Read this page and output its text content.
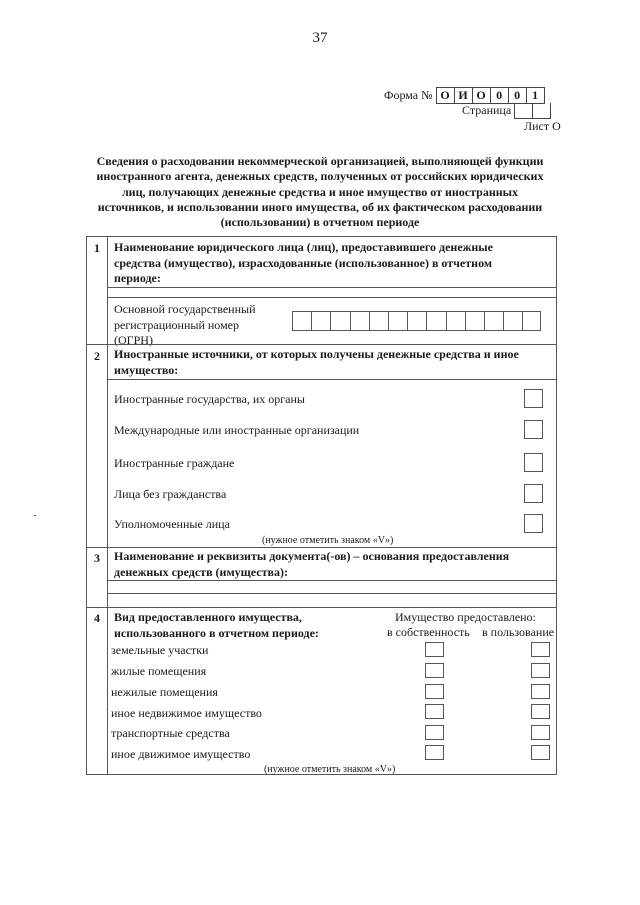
37
Форма № О И О 0	0	1
Страница
Лист О
Сведения о расходовании некоммерческой организацией, выполняющей функции
иностранного агента, денежных средств, полученных от российских юридических
лиц, получающих денежные средства и иное имущество от иностранных
источников, и использовании иного имущества, об их фактическом расходовании
(использовании) в отчетном периоде
1	Наименование юридического лица (лиц), предоставившего денежные
средства (имущество), израсходованные (использованное) в отчетном
периоде:
Основной государственный
регистрационный номер
(ОГРН)
2	Иностранные источники, от которых получены денежные средства и иное
имущество:
Иностранные государства, их органы
Международные или иностранные организации
Иностранные граждане
Лица без гражданства
Уполномоченные лица
(нужное отметить знаком «V»)
3	Наименование и реквизиты документа(-ов) – основания предоставления
денежных средств (имущества):
4	Вид предоставленного имущества,
использованного в отчетном периоде:
Имущество предоставлено:
в собственность в пользование
земельные участки
жилые помещения
нежилые помещения
иное недвижимое имущество
транспортные средства
иное движимое имущество
(нужное отметить знаком «V»)
